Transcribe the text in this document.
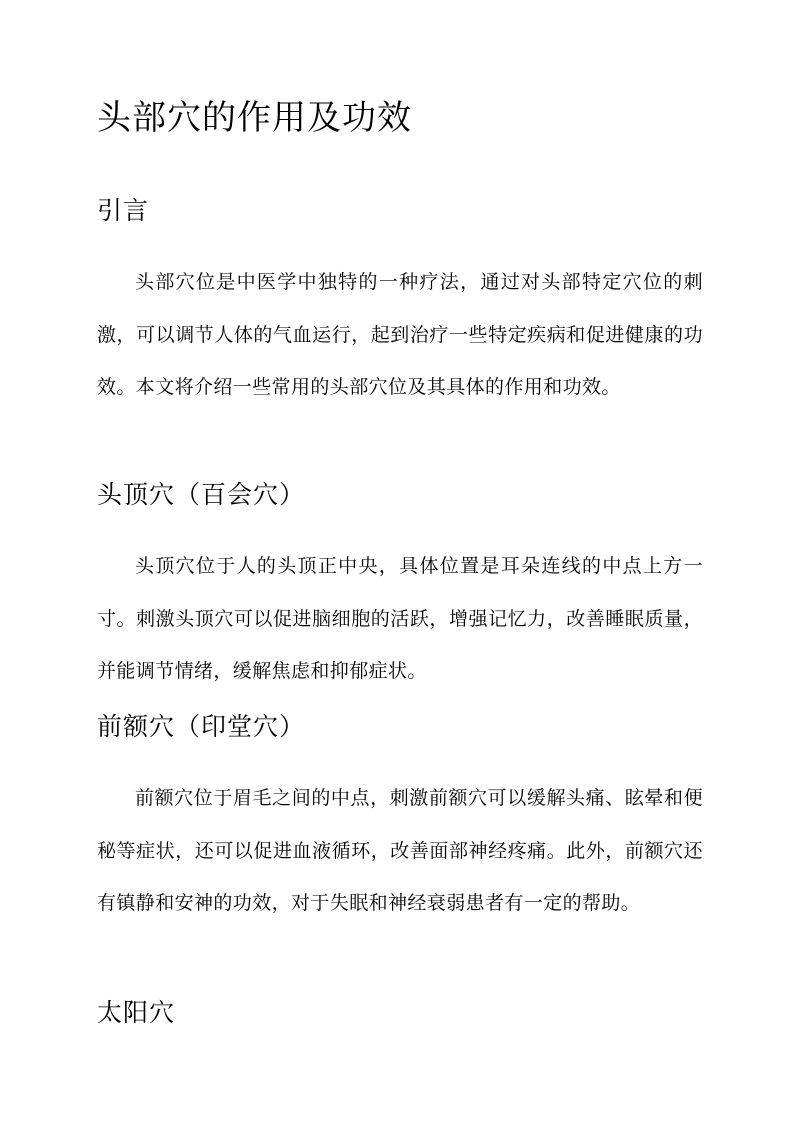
头部穴的作用及功效
引言

头部穴位是中医学中独特的一种疗法，通过对头部特定穴位的刺激，可以调节人体的气血运行，起到治疗一些特定疾病和促进健康的功效。本文将介绍一些常用的头部穴位及其具体的作用和功效。

头顶穴（百会穴）

头顶穴位于人的头顶正中央，具体位置是耳朵连线的中点上方一寸。刺激头顶穴可以促进脑细胞的活跃，增强记忆力，改善睡眠质量，并能调节情绪，缓解焦虑和抑郁症状。

前额穴（印堂穴）

前额穴位于眉毛之间的中点，刺激前额穴可以缓解头痛、眩晕和便秘等症状，还可以促进血液循环，改善面部神经疼痛。此外，前额穴还有镇静和安神的功效，对于失眠和神经衰弱患者有一定的帮助。

太阳穴
